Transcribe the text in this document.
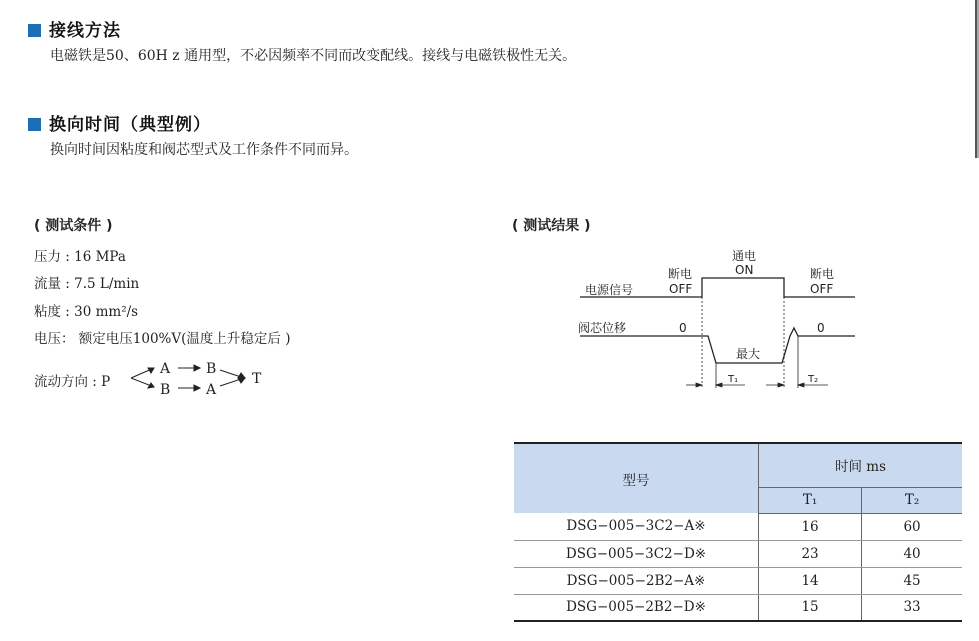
接线方法
电磁铁是50、60H z 通用型，不必因频率不同而改变配线。接线与电磁铁极性无关。
换向时间（典型例）
换向时间因粘度和阀芯型式及工作条件不同而异。
( 测试条件 )
压力 : 16 MPa
流量 : 7.5 L/min
粘度 : 30 mm²/s
电压： 额定电压100%V(温度上升稳定后 )
流动方向 : P
A	B
B	A
T
( 测试结果 )
电源信号
阀芯位移
断电
OFF
通电
ON	断电
OFF
0	0
最大
T₁	T₂
型号	时间 ms	
	T₁	T₂
DSG−005−3C2−A※	16	60
DSG−005−3C2−D※	23	40
DSG−005−2B2−A※	14	45
DSG−005−2B2−D※	15	33
